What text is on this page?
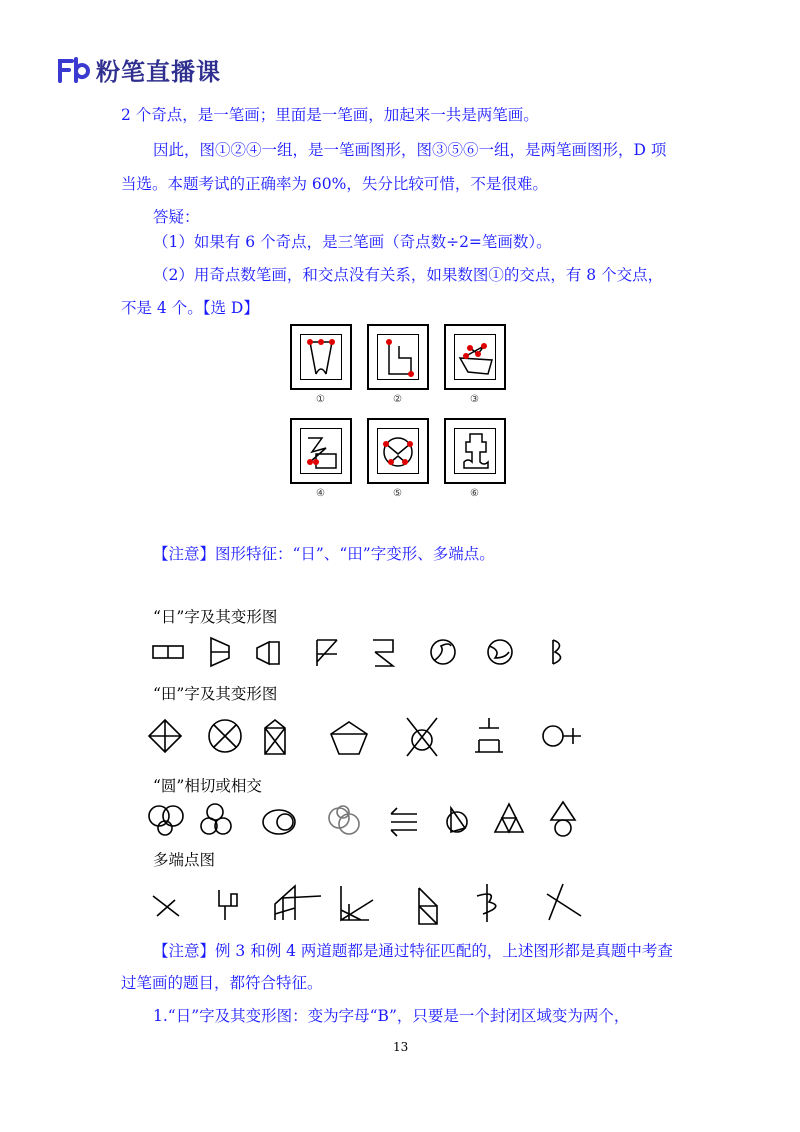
粉笔直播课
2 个奇点，是一笔画；里面是一笔画，加起来一共是两笔画。
因此，图①②④一组，是一笔画图形，图③⑤⑥一组，是两笔画图形，D 项
当选。本题考试的正确率为 60%，失分比较可惜，不是很难。
答疑：
（1）如果有 6 个奇点，是三笔画（奇点数÷2=笔画数）。
（2）用奇点数笔画，和交点没有关系，如果数图①的交点，有 8 个交点，
不是 4 个。【选 D】
①	②	③
④	⑤	⑥
【注意】图形特征：“日”、“田”字变形、多端点。
“日”字及其变形图
“田”字及其变形图
“圆”相切或相交
多端点图
【注意】例 3 和例 4 两道题都是通过特征匹配的，上述图形都是真题中考查
过笔画的题目，都符合特征。
1.“日”字及其变形图：变为字母“B”，只要是一个封闭区域变为两个，
13
